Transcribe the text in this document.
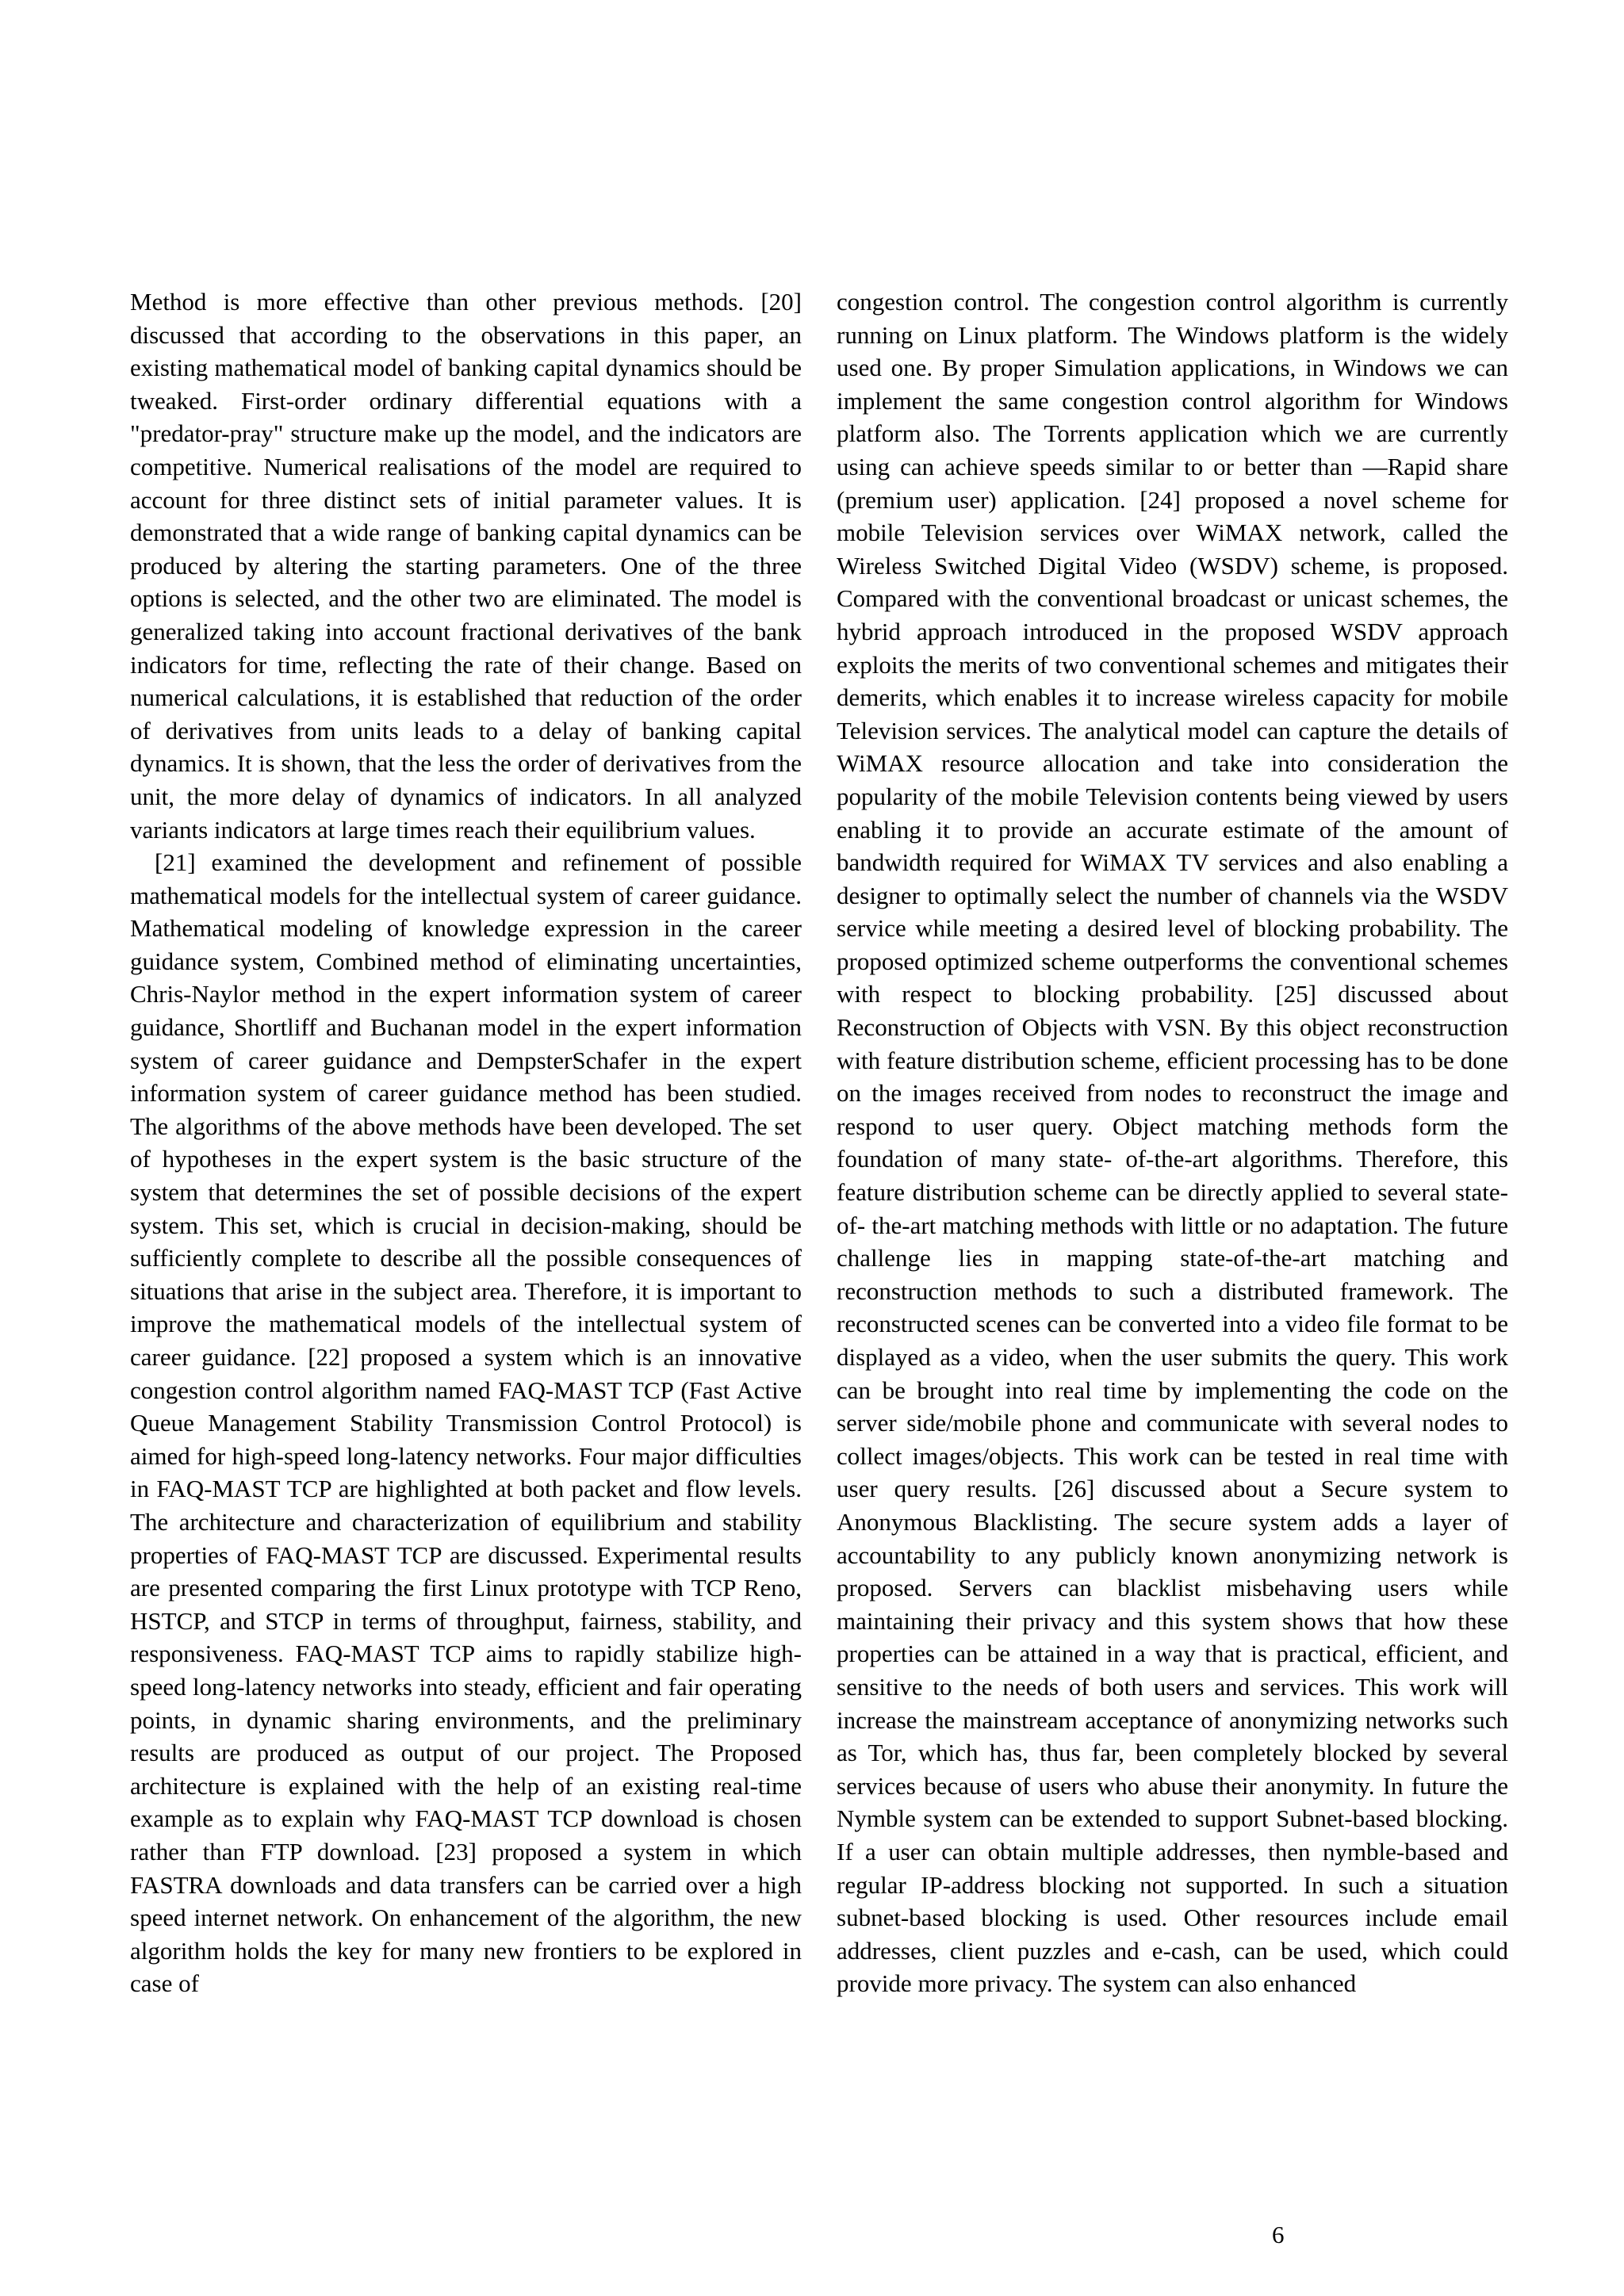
Method is more effective than other previous methods. [20] discussed that according to the observations in this paper, an existing mathematical model of banking capital dynamics should be tweaked. First-order ordinary differential equations with a "predator-pray" structure make up the model, and the indicators are competitive. Numerical realisations of the model are required to account for three distinct sets of initial parameter values. It is demonstrated that a wide range of banking capital dynamics can be produced by altering the starting parameters. One of the three options is selected, and the other two are eliminated. The model is generalized taking into account fractional derivatives of the bank indicators for time, reflecting the rate of their change. Based on numerical calculations, it is established that reduction of the order of derivatives from units leads to a delay of banking capital dynamics. It is shown, that the less the order of derivatives from the unit, the more delay of dynamics of indicators. In all analyzed variants indicators at large times reach their equilibrium values.

[21] examined the development and refinement of possible mathematical models for the intellectual system of career guidance. Mathematical modeling of knowledge expression in the career guidance system, Combined method of eliminating uncertainties, Chris-Naylor method in the expert information system of career guidance, Shortliff and Buchanan model in the expert information system of career guidance and DempsterSchafer in the expert information system of career guidance method has been studied. The algorithms of the above methods have been developed. The set of hypotheses in the expert system is the basic structure of the system that determines the set of possible decisions of the expert system. This set, which is crucial in decision-making, should be sufficiently complete to describe all the possible consequences of situations that arise in the subject area. Therefore, it is important to improve the mathematical models of the intellectual system of career guidance. [22] proposed a system which is an innovative congestion control algorithm named FAQ-MAST TCP (Fast Active Queue Management Stability Transmission Control Protocol) is aimed for high-speed long-latency networks. Four major difficulties in FAQ-MAST TCP are highlighted at both packet and flow levels. The architecture and characterization of equilibrium and stability properties of FAQ-MAST TCP are discussed. Experimental results are presented comparing the first Linux prototype with TCP Reno, HSTCP, and STCP in terms of throughput, fairness, stability, and responsiveness. FAQ-MAST TCP aims to rapidly stabilize high-speed long-latency networks into steady, efficient and fair operating points, in dynamic sharing environments, and the preliminary results are produced as output of our project. The Proposed architecture is explained with the help of an existing real-time example as to explain why FAQ-MAST TCP download is chosen rather than FTP download. [23] proposed a system in which FASTRA downloads and data transfers can be carried over a high speed internet network. On enhancement of the algorithm, the new algorithm holds the key for many new frontiers to be explored in case of

congestion control. The congestion control algorithm is currently running on Linux platform. The Windows platform is the widely used one. By proper Simulation applications, in Windows we can implement the same congestion control algorithm for Windows platform also. The Torrents application which we are currently using can achieve speeds similar to or better than ―Rapid share (premium user) application. [24] proposed a novel scheme for mobile Television services over WiMAX network, called the Wireless Switched Digital Video (WSDV) scheme, is proposed. Compared with the conventional broadcast or unicast schemes, the hybrid approach introduced in the proposed WSDV approach exploits the merits of two conventional schemes and mitigates their demerits, which enables it to increase wireless capacity for mobile Television services. The analytical model can capture the details of WiMAX resource allocation and take into consideration the popularity of the mobile Television contents being viewed by users enabling it to provide an accurate estimate of the amount of bandwidth required for WiMAX TV services and also enabling a designer to optimally select the number of channels via the WSDV service while meeting a desired level of blocking probability. The proposed optimized scheme outperforms the conventional schemes with respect to blocking probability. [25] discussed about Reconstruction of Objects with VSN. By this object reconstruction with feature distribution scheme, efficient processing has to be done on the images received from nodes to reconstruct the image and respond to user query. Object matching methods form the foundation of many state- of-the-art algorithms. Therefore, this feature distribution scheme can be directly applied to several state-of- the-art matching methods with little or no adaptation. The future challenge lies in mapping state-of-the-art matching and reconstruction methods to such a distributed framework. The reconstructed scenes can be converted into a video file format to be displayed as a video, when the user submits the query. This work can be brought into real time by implementing the code on the server side/mobile phone and communicate with several nodes to collect images/objects. This work can be tested in real time with user query results. [26] discussed about a Secure system to Anonymous Blacklisting. The secure system adds a layer of accountability to any publicly known anonymizing network is proposed. Servers can blacklist misbehaving users while maintaining their privacy and this system shows that how these properties can be attained in a way that is practical, efficient, and sensitive to the needs of both users and services. This work will increase the mainstream acceptance of anonymizing networks such as Tor, which has, thus far, been completely blocked by several services because of users who abuse their anonymity. In future the Nymble system can be extended to support Subnet-based blocking. If a user can obtain multiple addresses, then nymble-based and regular IP-address blocking not supported. In such a situation subnet-based blocking is used. Other resources include email addresses, client puzzles and e-cash, can be used, which could provide more privacy. The system can also enhanced

6
